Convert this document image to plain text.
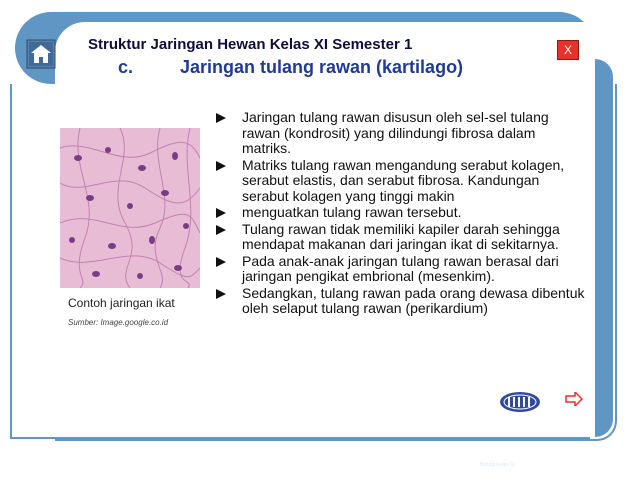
X
Struktur Jaringan Hewan Kelas XI Semester 1
c.	Jaringan tulang rawan (kartilago)
Contoh jaringan ikat
Sumber: Image.google.co.id
Jaringan tulang rawan disusun oleh sel-sel tulang rawan (kondrosit) yang dilindungi fibrosa dalam matriks.
Matriks tulang rawan mengandung serabut kolagen, serabut elastis, dan serabut fibrosa. Kandungan serabut kolagen yang tinggi makin
menguatkan tulang rawan tersebut.
Tulang rawan tidak memiliki kapiler darah sehingga mendapat makanan dari jaringan ikat di sekitarnya.
Pada anak-anak jaringan tulang rawan berasal dari jaringan pengikat embrional (mesenkim).
Sedangkan, tulang rawan pada orang dewasa dibentuk oleh selaput tulang rawan (perikardium)
Biologi Kelas XI
